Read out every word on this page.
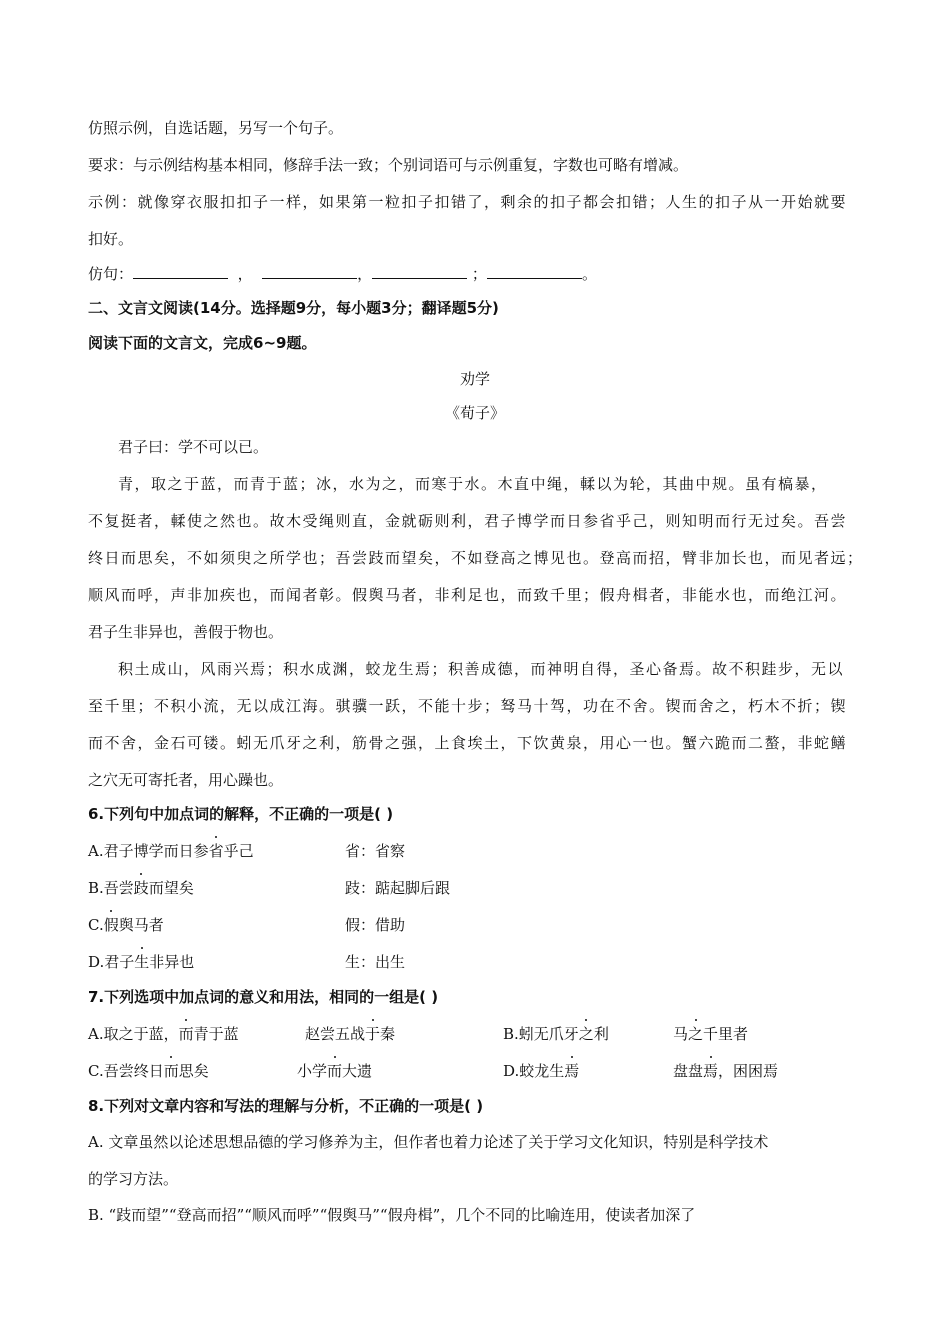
仿照示例，自选话题，另写一个句子。
要求：与示例结构基本相同，修辞手法一致；个别词语可与示例重复，字数也可略有增减。
示例：就像穿衣服扣扣子一样，如果第一粒扣子扣错了，剩余的扣子都会扣错；人生的扣子从一开始就要
扣好。
仿句：	，	，	；	。
二、文言文阅读(14分。选择题9分，每小题3分；翻译题5分)
阅读下面的文言文，完成6~9题。
劝学
《荀子》
君子曰：学不可以已。
青，取之于蓝，而青于蓝；冰，水为之，而寒于水。木直中绳，輮以为轮，其曲中规。虽有槁暴，
不复挺者，輮使之然也。故木受绳则直，金就砺则利，君子博学而日参省乎己，则知明而行无过矣。吾尝
终日而思矣，不如须臾之所学也；吾尝跂而望矣，不如登高之博见也。登高而招，臂非加长也，而见者远；
顺风而呼，声非加疾也，而闻者彰。假舆马者，非利足也，而致千里；假舟楫者，非能水也，而绝江河。
君子生非异也，善假于物也。
积土成山，风雨兴焉；积水成渊，蛟龙生焉；积善成德，而神明自得，圣心备焉。故不积跬步，无以
至千里；不积小流，无以成江海。骐骥一跃，不能十步；驽马十驾，功在不舍。锲而舍之，朽木不折；锲
而不舍，金石可镂。蚓无爪牙之利，筋骨之强，上食埃土，下饮黄泉，用心一也。蟹六跪而二螯，非蛇鳝
之穴无可寄托者，用心躁也。
6.下列句中加点词的解释，不正确的一项是( )
A.君子博学而日参省乎己	省：省察
B.吾尝跂而望矣	跂：踮起脚后跟
C.假舆马者	假：借助
D.君子生非异也	生：出生
7.下列选项中加点词的意义和用法，相同的一组是( )
A.取之于蓝，而青于蓝	赵尝五战于秦	B.蚓无爪牙之利	马之千里者
C.吾尝终日而思矣	小学而大遗	D.蛟龙生焉	盘盘焉，困困焉
8.下列对文章内容和写法的理解与分析，不正确的一项是( )
A. 文章虽然以论述思想品德的学习修养为主，但作者也着力论述了关于学习文化知识，特别是科学技术
的学习方法。
B. “跂而望”“登高而招”“顺风而呼”“假舆马”“假舟楫”，几个不同的比喻连用，使读者加深了
